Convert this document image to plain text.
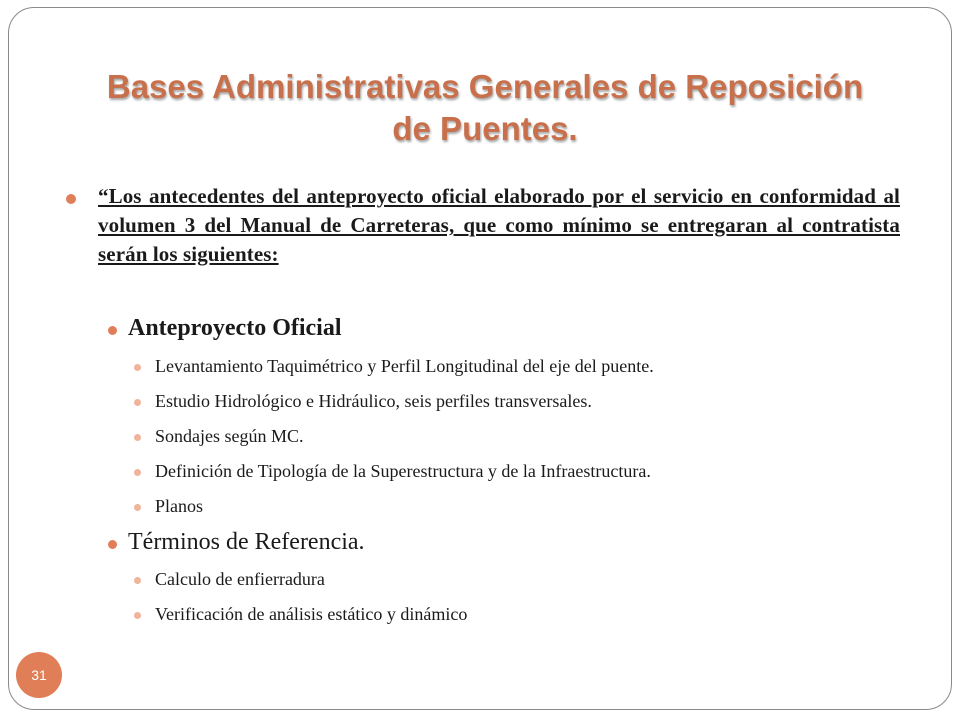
Bases Administrativas Generales de Reposición de Puentes.
“Los antecedentes del anteproyecto oficial elaborado por el servicio en conformidad al volumen 3 del Manual de Carreteras, que como mínimo se entregaran al contratista serán los siguientes:
Anteproyecto Oficial
Levantamiento Taquimétrico y Perfil Longitudinal del eje del puente.
Estudio Hidrológico e Hidráulico, seis perfiles transversales.
Sondajes según MC.
Definición de Tipología de la Superestructura y de la Infraestructura.
Planos
Términos de Referencia.
Calculo de enfierradura
Verificación de análisis estático y dinámico
31
